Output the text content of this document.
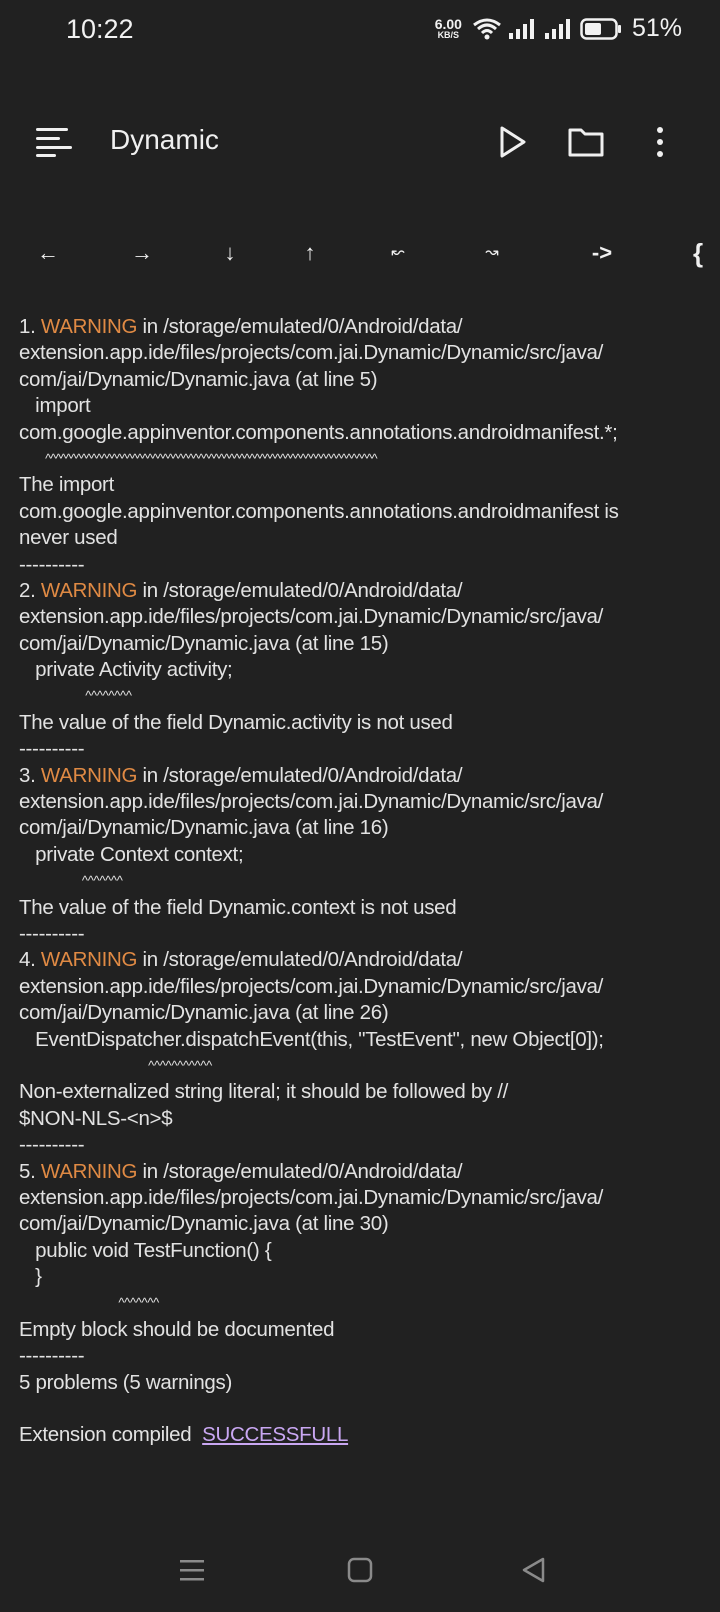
10:22	6.00
KB/S	51%
Dynamic
←	→	↓	↑	↜	↝	->	{
1. WARNING in /storage/emulated/0/Android/data/
extension.app.ide/files/projects/com.jai.Dynamic/Dynamic/src/java/
com/jai/Dynamic/Dynamic.java (at line 5)
import
com.google.appinventor.components.annotations.androidmanifest.*;
^^^^^^^^^^^^^^^^^^^^^^^^^^^^^^^^^^^^^^^^^^^^^^^^^^^^^^^^^^^^^^^^^
The import
com.google.appinventor.components.annotations.androidmanifest is
never used
----------
2. WARNING in /storage/emulated/0/Android/data/
extension.app.ide/files/projects/com.jai.Dynamic/Dynamic/src/java/
com/jai/Dynamic/Dynamic.java (at line 15)
private Activity activity;
^^^^^^^^
The value of the field Dynamic.activity is not used
----------
3. WARNING in /storage/emulated/0/Android/data/
extension.app.ide/files/projects/com.jai.Dynamic/Dynamic/src/java/
com/jai/Dynamic/Dynamic.java (at line 16)
private Context context;
^^^^^^^
The value of the field Dynamic.context is not used
----------
4. WARNING in /storage/emulated/0/Android/data/
extension.app.ide/files/projects/com.jai.Dynamic/Dynamic/src/java/
com/jai/Dynamic/Dynamic.java (at line 26)
EventDispatcher.dispatchEvent(this, "TestEvent", new Object[0]);
^^^^^^^^^^^
Non-externalized string literal; it should be followed by //
$NON-NLS-<n>$
----------
5. WARNING in /storage/emulated/0/Android/data/
extension.app.ide/files/projects/com.jai.Dynamic/Dynamic/src/java/
com/jai/Dynamic/Dynamic.java (at line 30)
public void TestFunction() {
}
^^^^^^^
Empty block should be documented
----------
5 problems (5 warnings)
Extension compiled  SUCCESSFULL
